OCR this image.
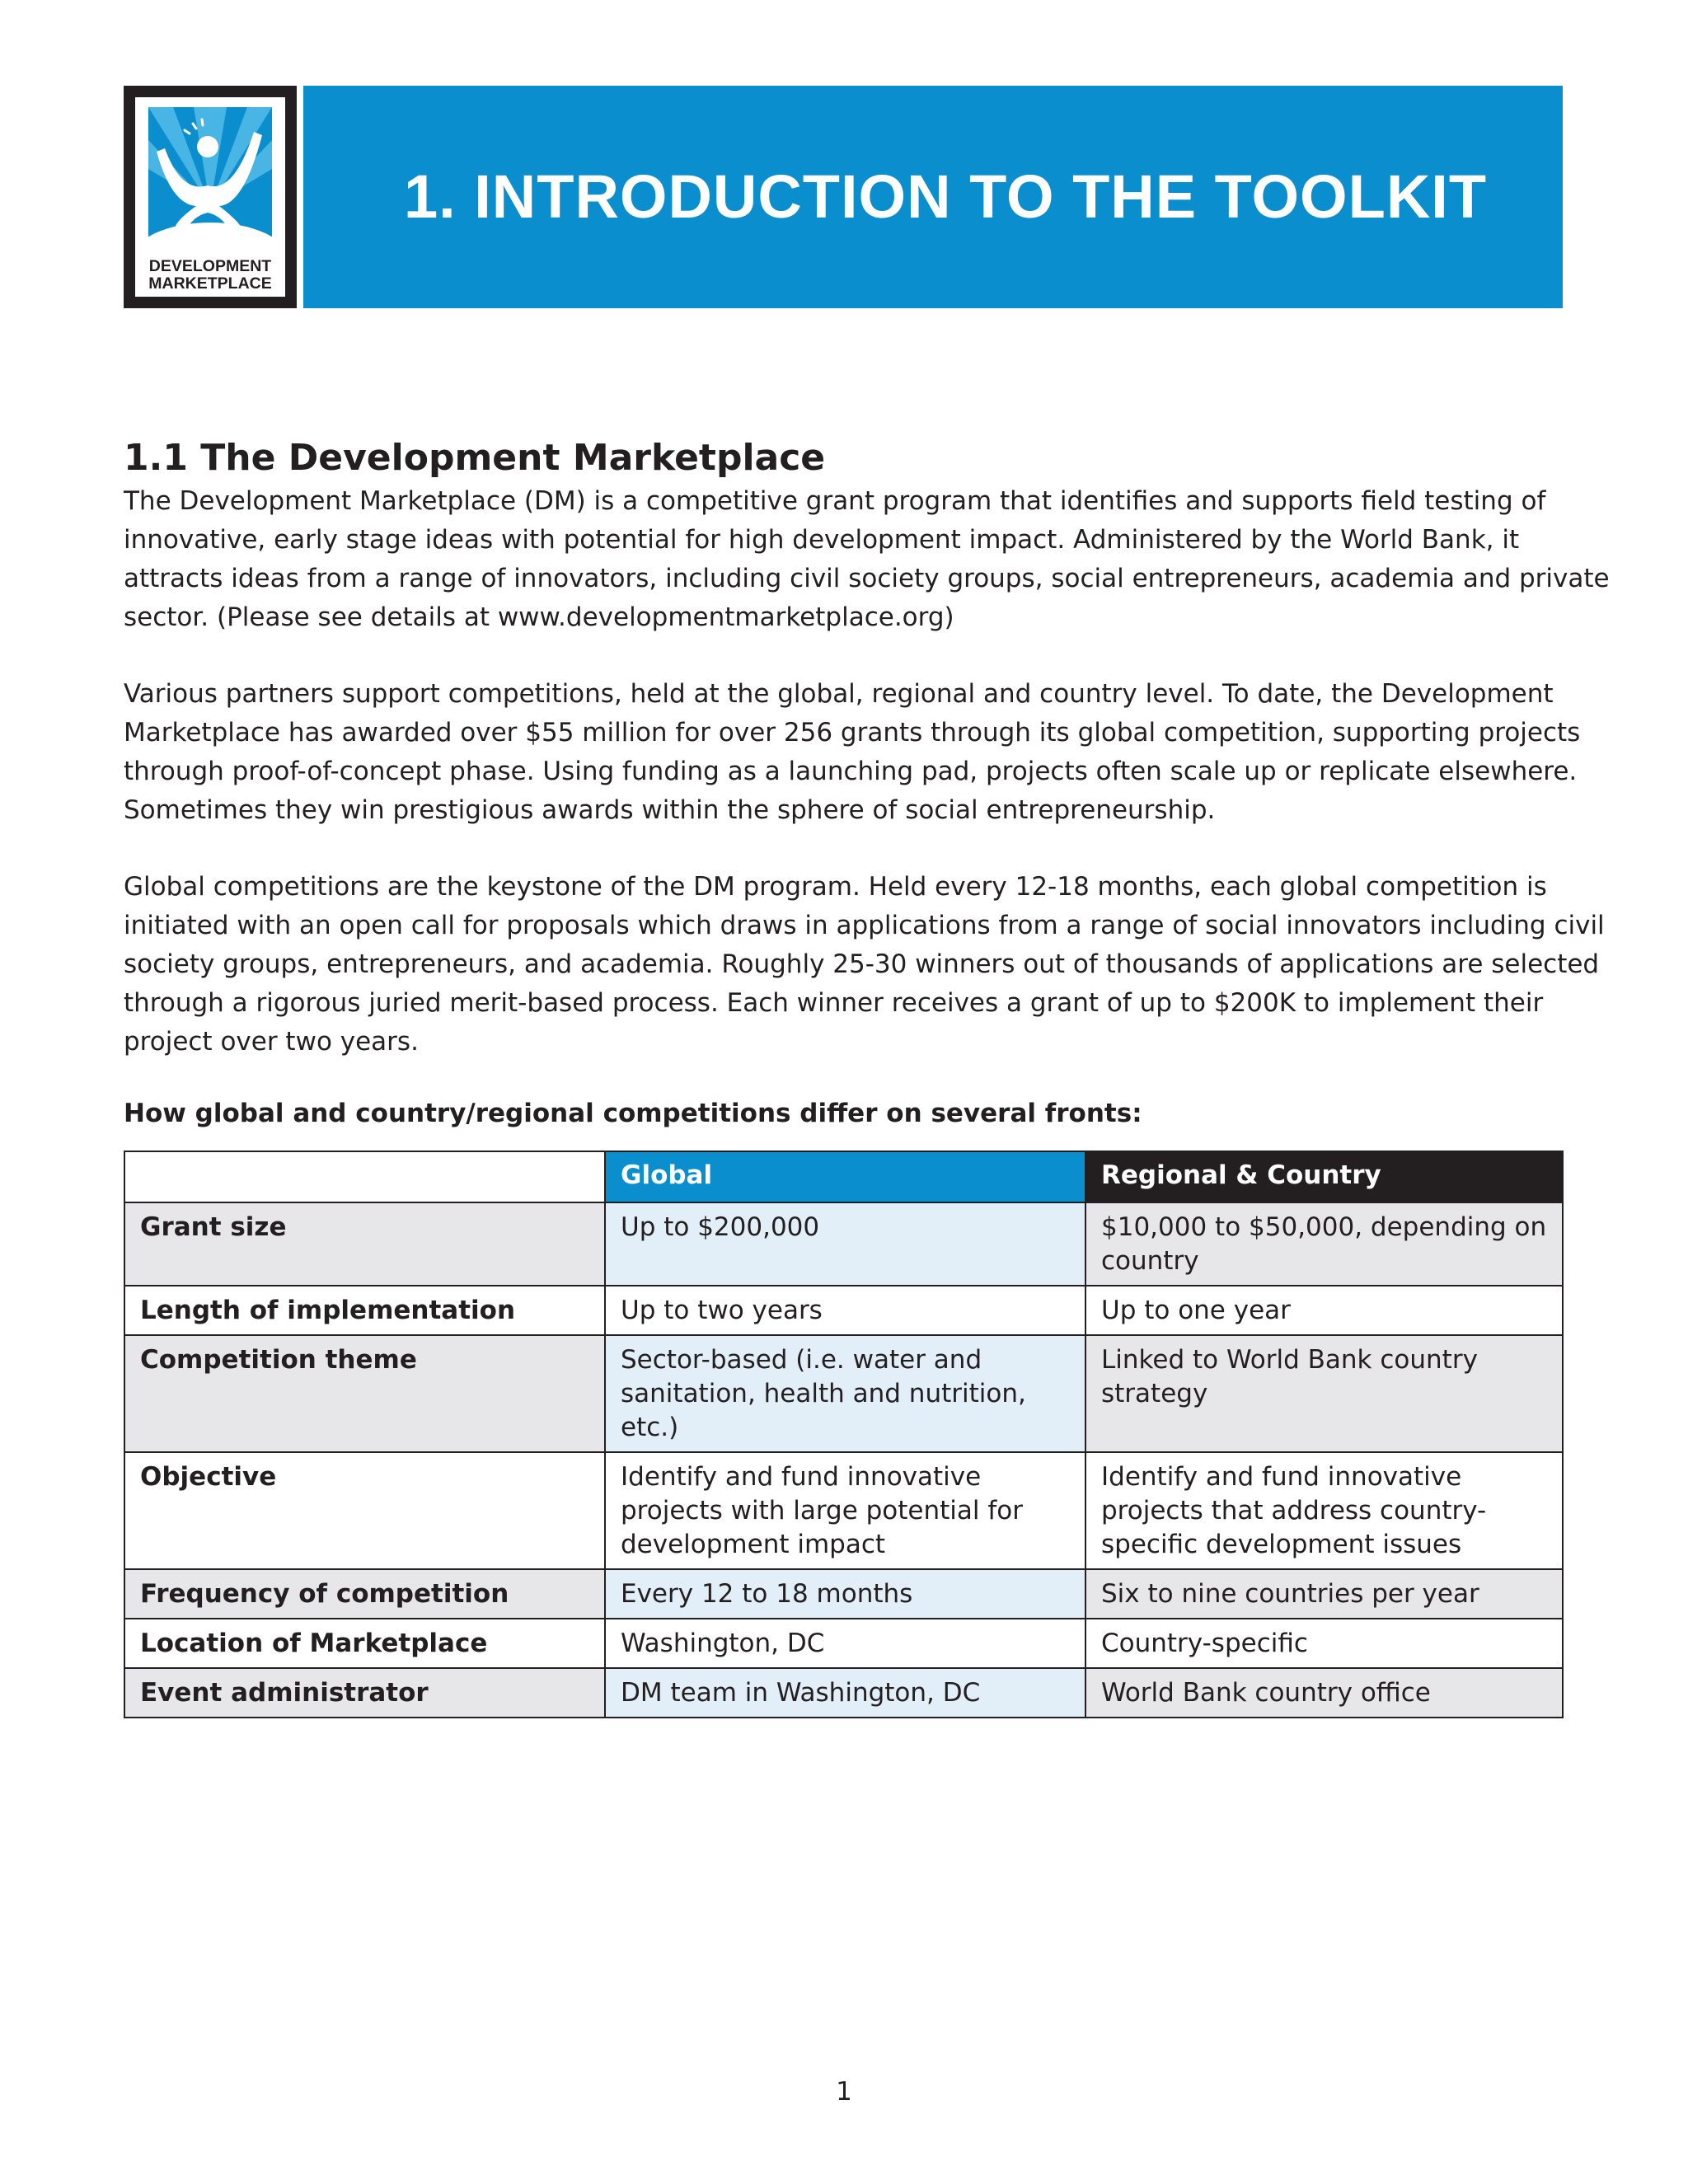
DEVELOPMENT
MARKETPLACE
1. INTRODUCTION TO THE TOOLKIT
1.1 The Development Marketplace
The Development Marketplace (DM) is a competitive grant program that identifies and supports field testing of
innovative, early stage ideas with potential for high development impact. Administered by the World Bank, it
attracts ideas from a range of innovators, including civil society groups, social entrepreneurs, academia and private
sector. (Please see details at www.developmentmarketplace.org)
Various partners support competitions, held at the global, regional and country level. To date, the Development
Marketplace has awarded over $55 million for over 256 grants through its global competition, supporting projects
through proof-of-concept phase. Using funding as a launching pad, projects often scale up or replicate elsewhere.
Sometimes they win prestigious awards within the sphere of social entrepreneurship.
Global competitions are the keystone of the DM program. Held every 12-18 months, each global competition is
initiated with an open call for proposals which draws in applications from a range of social innovators including civil
society groups, entrepreneurs, and academia. Roughly 25-30 winners out of thousands of applications are selected
through a rigorous juried merit-based process. Each winner receives a grant of up to $200K to implement their
project over two years.
How global and country/regional competitions differ on several fronts:
	Global	Regional & Country
Grant size	Up to $200,000	$10,000 to $50,000, depending on country
Length of implementation	Up to two years	Up to one year
Competition theme	Sector-based (i.e. water and sanitation, health and nutrition, etc.)	Linked to World Bank country strategy
Objective	Identify and fund innovative projects with large potential for development impact	Identify and fund innovative projects that address country-specific development issues
Frequency of competition	Every 12 to 18 months	Six to nine countries per year
Location of Marketplace	Washington, DC	Country-specific
Event administrator	DM team in Washington, DC	World Bank country office
1
